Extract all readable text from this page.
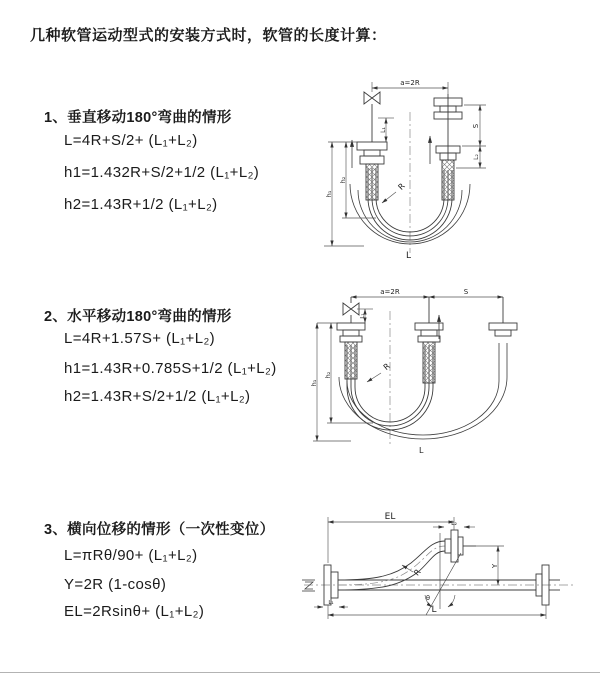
几种软管运动型式的安装方式时，软管的长度计算：
1、垂直移动180°弯曲的情形
L=4R+S/2+ (L₁+L₂)
h1=1.432R+S/2+1/2 (L₁+L₂)
h2=1.43R+1/2 (L₁+L₂)
2、水平移动180°弯曲的情形
L=4R+1.57S+ (L₁+L₂)
h1=1.43R+0.785S+1/2 (L₁+L₂)
h2=1.43R+S/2+1/2 (L₁+L₂)
3、横向位移的情形（一次性变位）
L=πRθ/90+ (L₁+L₂)
Y=2R (1-cosθ)
EL=2Rsinθ+ (L₁+L₂)
a=2R
S
L₂
h₂
h₁
L₁
R
L
a=2R	S
h₂
h₁
L₁
R
L
EL
L₂
Y
R
θ
L
L₁
